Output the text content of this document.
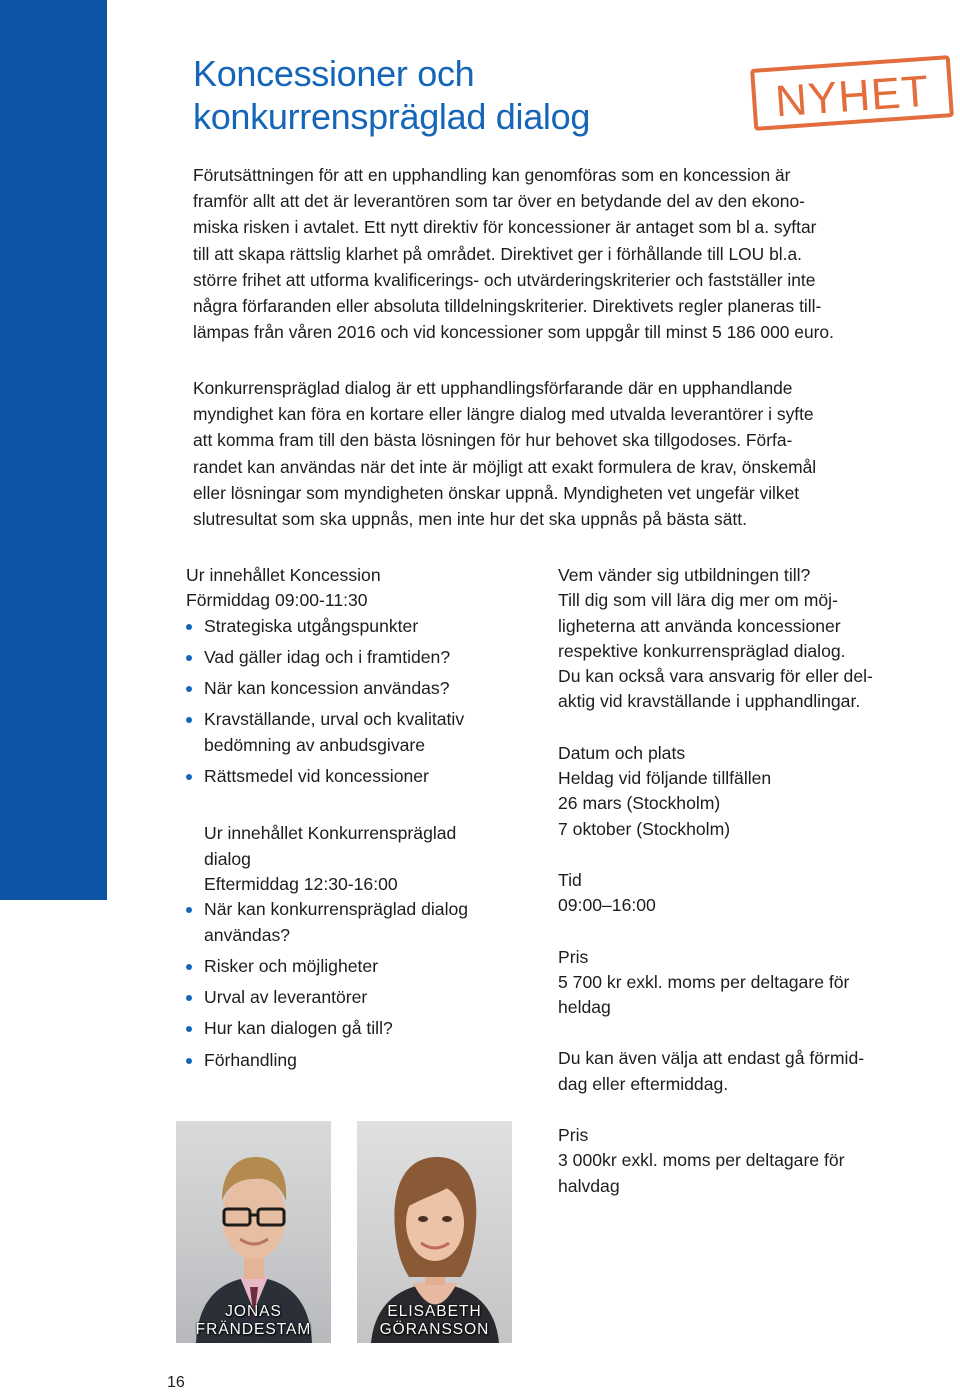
Koncessioner och
konkurrenspräglad dialog	NYHET

Förutsättningen för att en upphandling kan genomföras som en koncession är
framför allt att det är leverantören som tar över en betydande del av den ekono-
miska risken i avtalet. Ett nytt direktiv för koncessioner är antaget som bl a. syftar
till att skapa rättslig klarhet på området. Direktivet ger i förhållande till LOU bl.a.
större frihet att utforma kvalificerings- och utvärderingskriterier och fastställer inte
några förfaranden eller absoluta tilldelningskriterier. Direktivets regler planeras till-
lämpas från våren 2016 och vid koncessioner som uppgår till minst 5 186 000 euro.

Konkurrenspräglad dialog är ett upphandlingsförfarande där en upphandlande
myndighet kan föra en kortare eller längre dialog med utvalda leverantörer i syfte
att komma fram till den bästa lösningen för hur behovet ska tillgodoses. Förfa-
randet kan användas när det inte är möjligt att exakt formulera de krav, önskemål
eller lösningar som myndigheten önskar uppnå. Myndigheten vet ungefär vilket
slutresultat som ska uppnås, men inte hur det ska uppnås på bästa sätt.

Ur innehållet Koncession
Förmiddag 09:00-11:30
Strategiska utgångspunkter
Vad gäller idag och i framtiden?
När kan koncession användas?
Kravställande, urval och kvalitativ
bedömning av anbudsgivare
Rättsmedel vid koncessioner
Ur innehållet Konkurrenspräglad
dialog
Eftermiddag 12:30-16:00
När kan konkurrenspräglad dialog
användas?
Risker och möjligheter
Urval av leverantörer
Hur kan dialogen gå till?
Förhandling
Vem vänder sig utbildningen till?
Till dig som vill lära dig mer om möj-
ligheterna att använda koncessioner
respektive konkurrenspräglad dialog.
Du kan också vara ansvarig för eller del-
aktig vid kravställande i upphandlingar.
Datum och plats
Heldag vid följande tillfällen
26 mars (Stockholm)
7 oktober (Stockholm)
Tid
09:00–16:00
Pris
5 700 kr exkl. moms per deltagare för
heldag
Du kan även välja att endast gå förmid-
dag eller eftermiddag.
Pris
3 000kr exkl. moms per deltagare för
halvdag
JONAS
FRÄNDESTAM
ELISABETH
GÖRANSSON
16
